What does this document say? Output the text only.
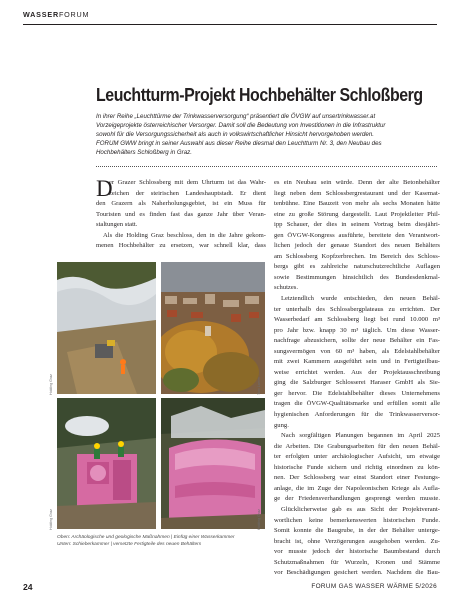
WASSERFORUM
Leuchtturm-Projekt Hochbehälter Schloßberg
In ihrer Reihe „Leuchttürme der Trinkwasserversorgung“ präsentiert die ÖVGW auf unsertrinkwasser.at
Vorzeigeprojekte österreichischer Versorger. Damit soll die Bedeutung von Investitionen in die Infrastruktur
sowohl für die Versorgungssicherheit als auch in volkswirtschaftlicher Hinsicht hervorgehoben werden.
FORUM GWW bringt in seiner Auswahl aus dieser Reihe diesmal den Leuchtturm Nr. 3, den Neubau des
Hochbehälters Schloßberg in Graz.
D
er Grazer Schlossberg mit dem Uhrturm ist das Wahr-
zeichen der steirischen Landeshauptstadt. Er dient
den Grazern als Naherholungsgebiet, ist ein Muss für
Touristen und es finden fast das ganze Jahr über Veran-
staltungen statt.
Als die Holding Graz beschloss, den in die Jahre gekom-
menen Hochbehälter zu ersetzen, war schnell klar, dass
es ein Neubau sein würde. Denn der alte Betonbehälter
liegt neben dem Schlossbergrestaurant und der Kasemat-
tenbühne. Eine Bauzeit von mehr als sechs Monaten hätte
eine zu große Störung dargestellt. Laut Projektleiter Phil-
ipp Schauer, der dies in seinem Vortrag beim diesjähri-
gen ÖVGW-Kongress ausführte, bereitete den Verantwort-
lichen jedoch der genaue Standort des neuen Behälters
am Schlossberg Kopfzerbrechen. Im Bereich des Schloss-
bergs gibt es zahlreiche naturschutzrechtliche Auflagen
sowie Bestimmungen hinsichtlich des Bundesdenkmal-
schutzes.
Letztendlich wurde entschieden, den neuen Behäl-
ter unterhalb des Schlossbergplateaus zu errichten. Der
Wasserbedarf am Schlossberg liegt bei rund 10.000 m³
pro Jahr bzw. knapp 30 m³ täglich. Um diese Wasser-
nachfrage abzusichern, sollte der neue Behälter ein Fas-
sungsvermögen von 60 m³ haben, als Edelstahlbehälter
mit zwei Kammern ausgeführt sein und in Fertigteilbau-
weise errichtet werden. Aus der Projektausschreibung
ging die Salzburger Schlosserei Haraser GmbH als Sie-
ger hervor. Die Edelstahlbehälter dieses Unternehmens
tragen die ÖVGW-Qualitätsmarke und erfüllen somit alle
hygienischen Anforderungen für die Trinkwasserversor-
gung.
Nach sorgfältigen Planungen begannen im April 2025
die Arbeiten. Die Grabungsarbeiten für den neuen Behäl-
ter erfolgten unter archäologischer Aufsicht, um etwaige
historische Funde sichern und richtig einordnen zu kön-
nen. Der Schlossberg war einst Standort einer Festungs-
anlage, die im Zuge der Napoleonischen Kriege als Aufla-
ge der Friedensverhandlungen gesprengt werden musste.
Glücklicherweise gab es aus Sicht der Projektverant-
wortlichen keine bemerkenswerten historischen Funde.
Somit konnte die Baugrube, in der der Behälter unterge-
bracht ist, ohne Verzögerungen ausgehoben werden. Zu-
vor musste jedoch der historische Baumbestand durch
Schutzmaßnahmen für Wurzeln, Kronen und Stämme
vor Beschädigungen gesichert werden. Nachdem die Bau-
Holding Graz	Tom Lamm
Holding Graz	Holding Graz
Oben: Archäologische und geologische Maßnahmen | Einfüg einer Wasserkammer
Unten: Schieberkammer | versetzte Fertigteile des neuen Behälters
24	FORUM GAS WASSER WÄRME 5/2026
